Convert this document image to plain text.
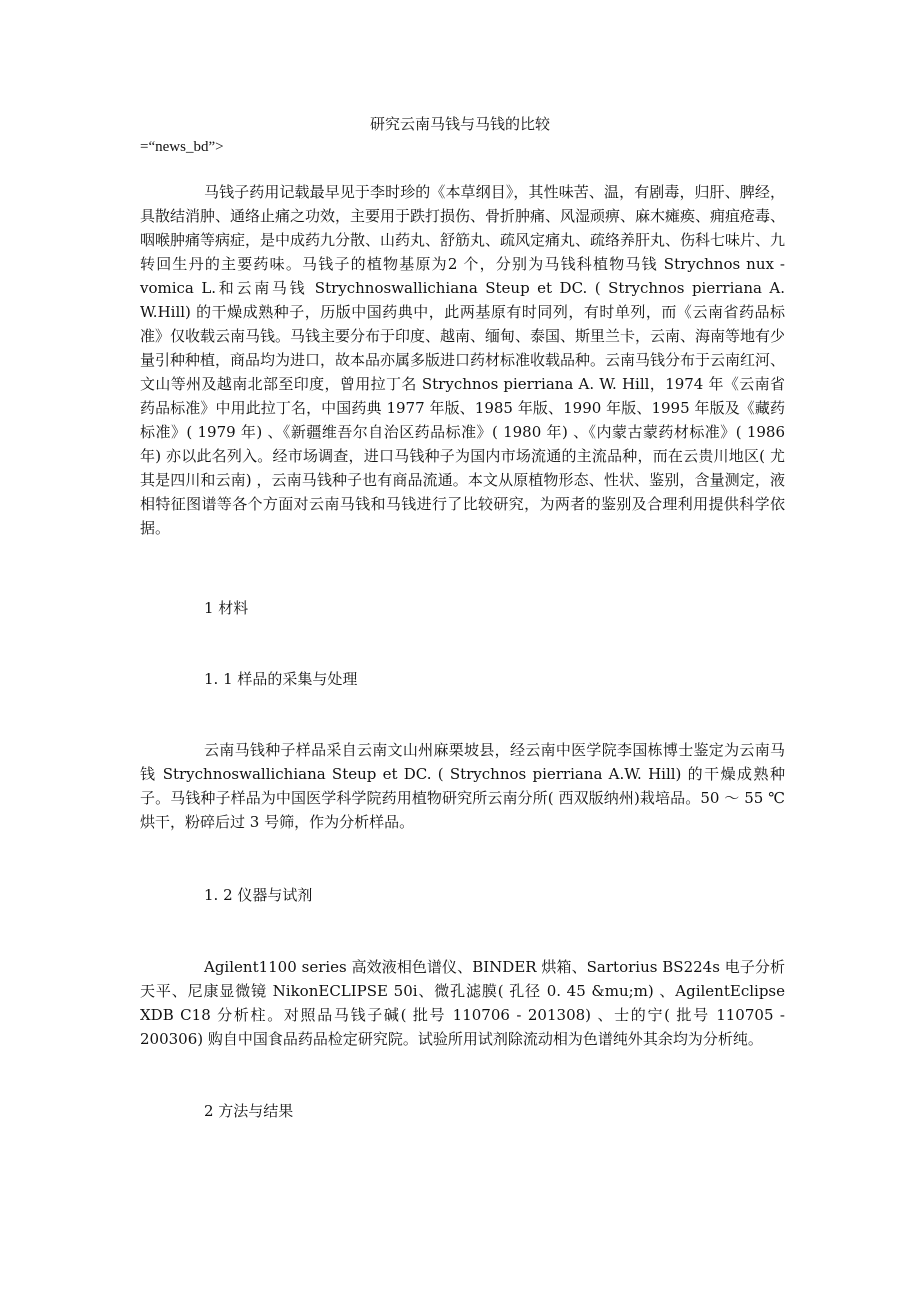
研究云南马钱与马钱的比较
=“news_bd”>

马钱子药用记载最早见于李时珍的《本草纲目》，其性味苦、温，有剧毒，归肝、脾经，具散结消肿、通络止痛之功效，主要用于跌打损伤、骨折肿痛、风湿顽痹、麻木瘫痪、痈疽疮毒、咽喉肿痛等病症，是中成药九分散、山药丸、舒筋丸、疏风定痛丸、疏络养肝丸、伤科七味片、九转回生丹的主要药味。马钱子的植物基原为2 个，分别为马钱科植物马钱 Strychnos nux - vomica L.和云南马钱 Strychnoswallichiana Steup et DC. ( Strychnos pierriana A. W.Hill) 的干燥成熟种子，历版中国药典中，此两基原有时同列，有时单列，而《云南省药品标准》仅收载云南马钱。马钱主要分布于印度、越南、缅甸、泰国、斯里兰卡，云南、海南等地有少量引种种植，商品均为进口，故本品亦属多版进口药材标准收载品种。云南马钱分布于云南红河、文山等州及越南北部至印度，曾用拉丁名 Strychnos pierriana A. W. Hill，1974 年《云南省药品标准》中用此拉丁名，中国药典 1977 年版、1985 年版、1990 年版、1995 年版及《藏药标准》( 1979 年) 、《新疆维吾尔自治区药品标准》( 1980 年) 、《内蒙古蒙药材标准》( 1986 年) 亦以此名列入。经市场调查，进口马钱种子为国内市场流通的主流品种，而在云贵川地区( 尤其是四川和云南) ，云南马钱种子也有商品流通。本文从原植物形态、性状、鉴别，含量测定，液相特征图谱等各个方面对云南马钱和马钱进行了比较研究，为两者的鉴别及合理利用提供科学依据。

1 材料

1. 1 样品的采集与处理

云南马钱种子样品采自云南文山州麻栗坡县，经云南中医学院李国栋博士鉴定为云南马钱 Strychnoswallichiana Steup et DC. ( Strychnos pierriana A.W. Hill) 的干燥成熟种子。马钱种子样品为中国医学科学院药用植物研究所云南分所( 西双版纳州)栽培品。50 ～ 55 ℃烘干，粉碎后过 3 号筛，作为分析样品。

1. 2 仪器与试剂

Agilent1100 series 高效液相色谱仪、BINDER 烘箱、Sartorius BS224s 电子分析天平、尼康显微镜 NikonECLIPSE 50i、微孔滤膜( 孔径 0. 45 &mu;m) 、AgilentEclipse XDB C18 分析柱。对照品马钱子碱( 批号 110706 - 201308) 、士的宁( 批号 110705 - 200306) 购自中国食品药品检定研究院。试验所用试剂除流动相为色谱纯外其余均为分析纯。

2 方法与结果
